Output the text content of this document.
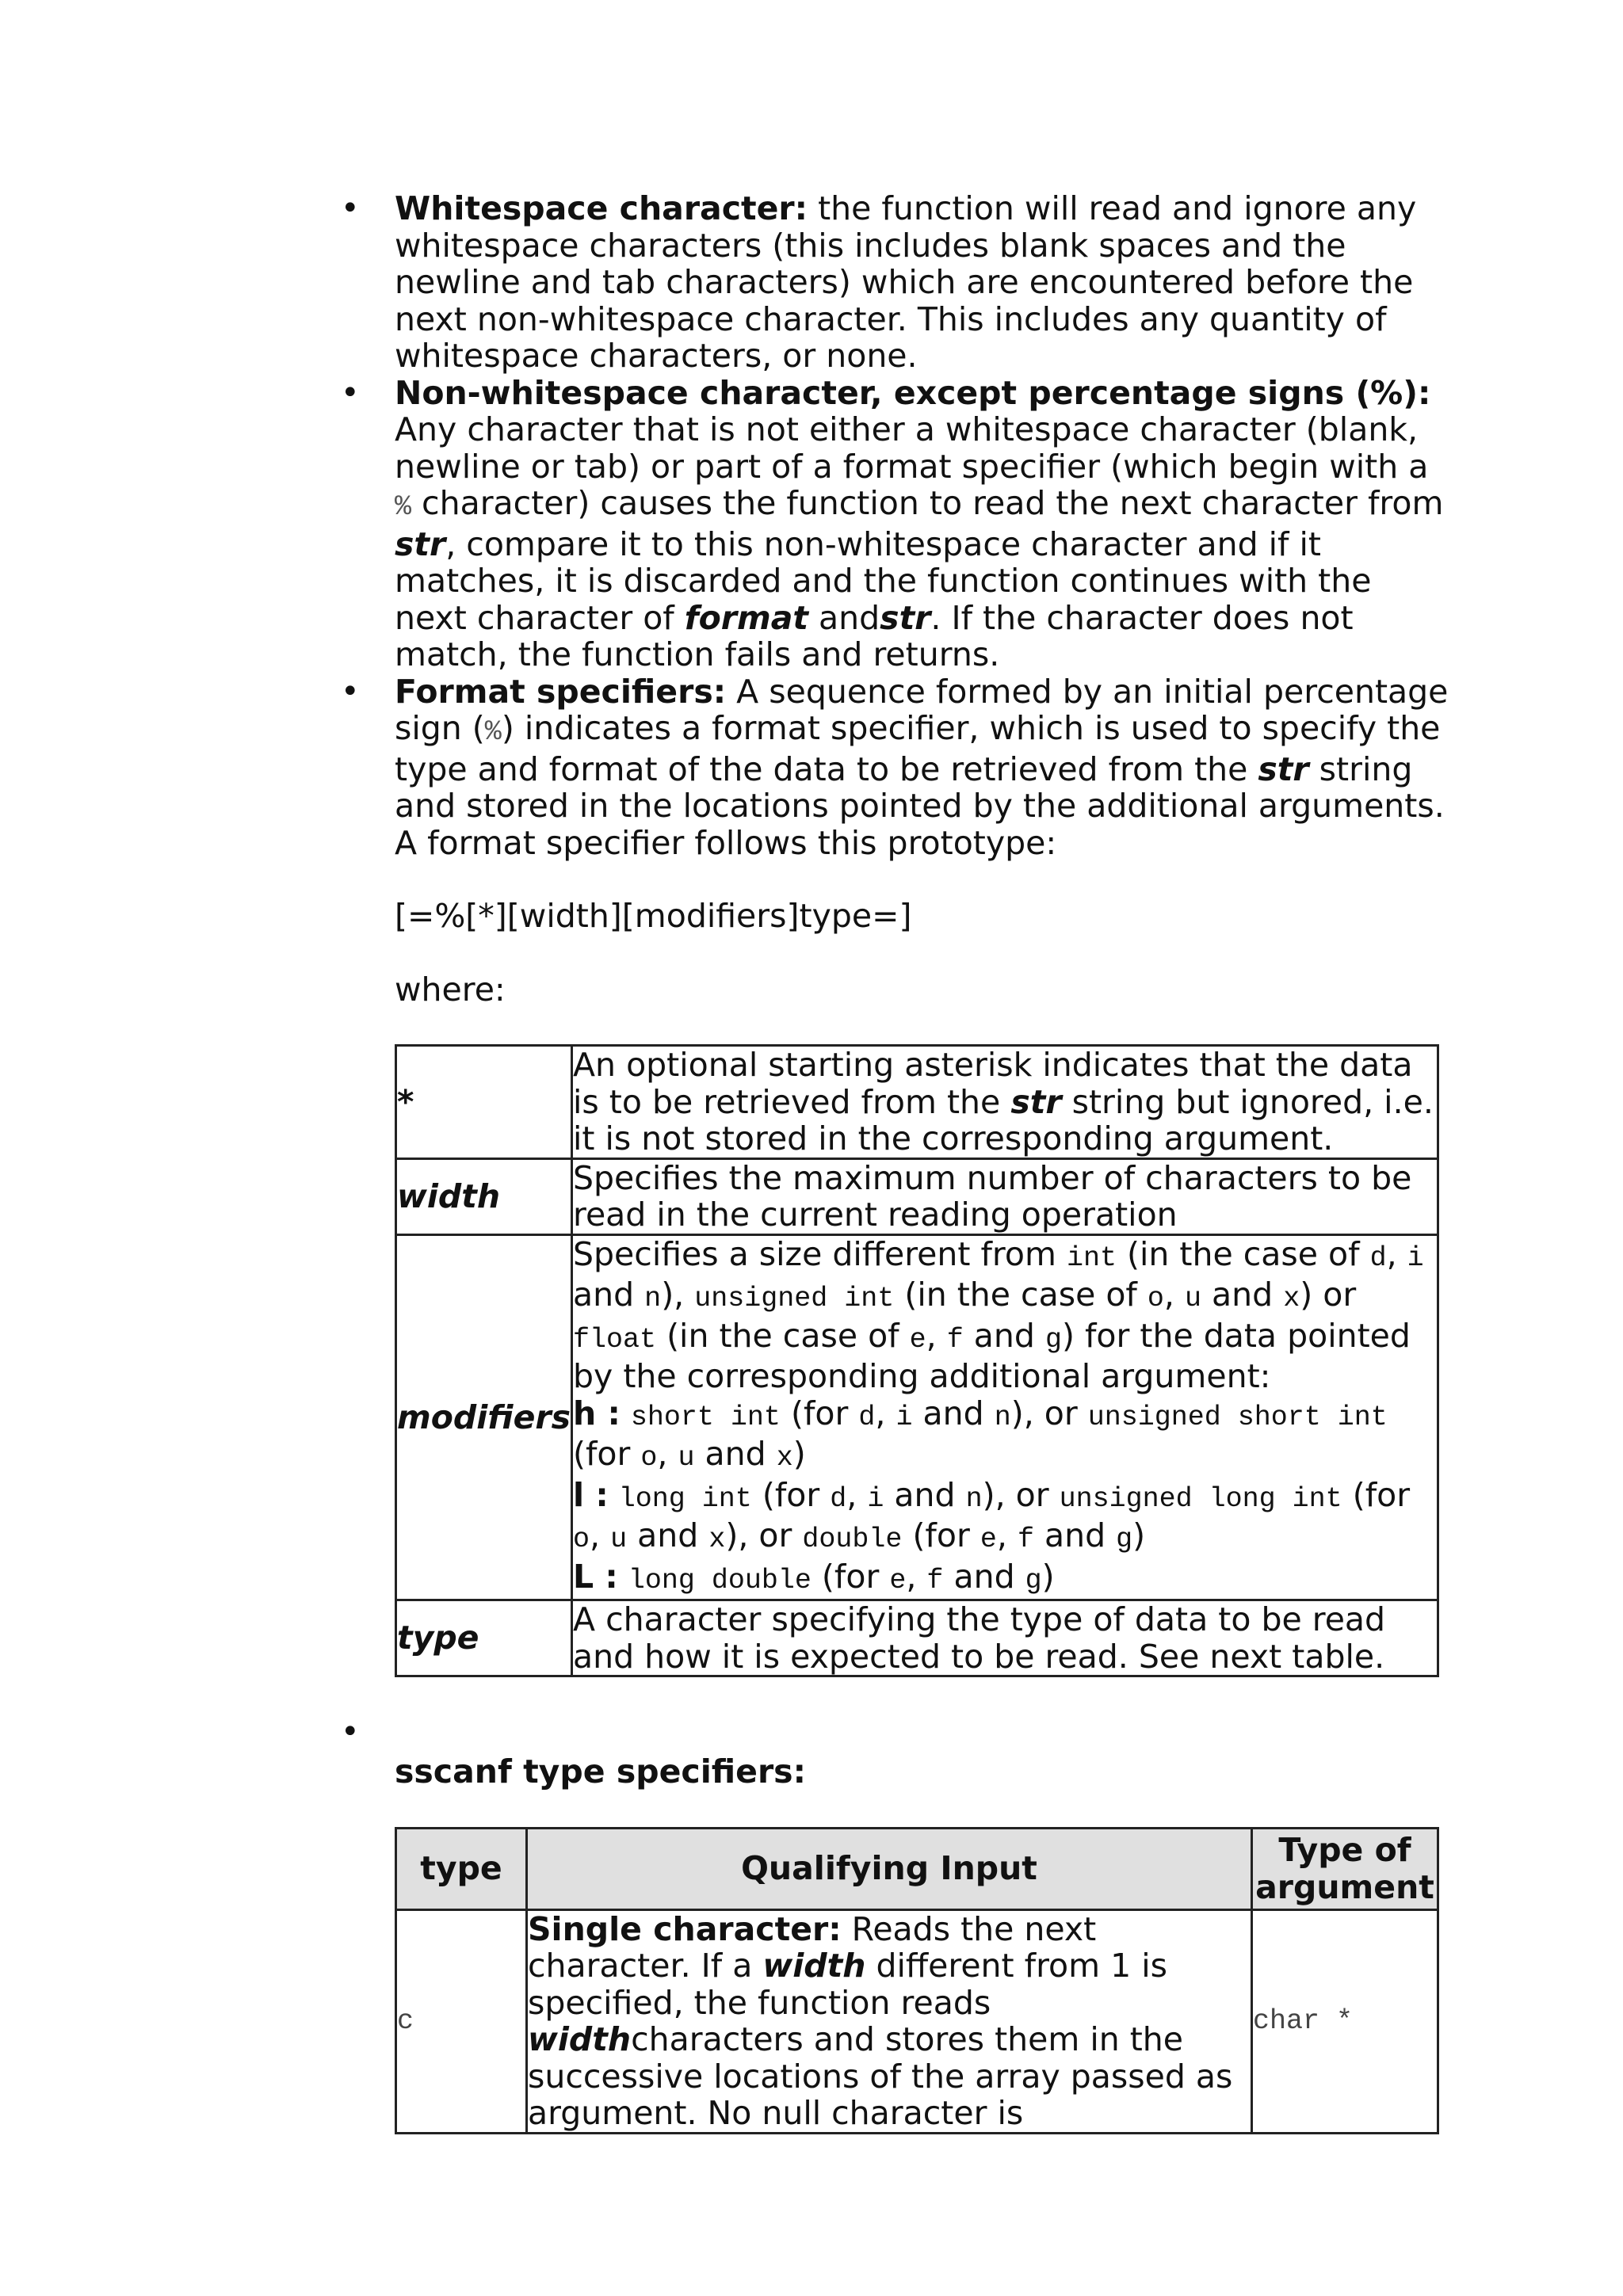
• Whitespace character: the function will read and ignore any whitespace characters (this includes blank spaces and the newline and tab characters) which are encountered before the next non-whitespace character. This includes any quantity of whitespace characters, or none.

• Non-whitespace character, except percentage signs (%): Any character that is not either a whitespace character (blank, newline or tab) or part of a format specifier (which begin with a % character) causes the function to read the next character from str, compare it to this non-whitespace character and if it matches, it is discarded and the function continues with the next character of format andstr. If the character does not match, the function fails and returns.

• Format specifiers: A sequence formed by an initial percentage sign (%) indicates a format specifier, which is used to specify the type and format of the data to be retrieved from the str string and stored in the locations pointed by the additional arguments. A format specifier follows this prototype:

[=%[*][width][modifiers]type=]

where:

*	An optional starting asterisk indicates that the data is to be retrieved from the str string but ignored, i.e. it is not stored in the corresponding argument.
width	Specifies the maximum number of characters to be read in the current reading operation
modifiers	Specifies a size different from int (in the case of d, i and n), unsigned int (in the case of o, u and x) or float (in the case of e, f and g) for the data pointed by the corresponding additional argument:
h : short int (for d, i and n), or unsigned short int (for o, u and x)
l : long int (for d, i and n), or unsigned long int (for o, u and x), or double (for e, f and g)
L : long double (for e, f and g)
type	A character specifying the type of data to be read and how it is expected to be read. See next table.

• sscanf type specifiers:

type	Qualifying Input	Type of argument
c	Single character: Reads the next character. If a width different from 1 is specified, the function reads widthcharacters and stores them in the successive locations of the array passed as argument. No null character is	char *
